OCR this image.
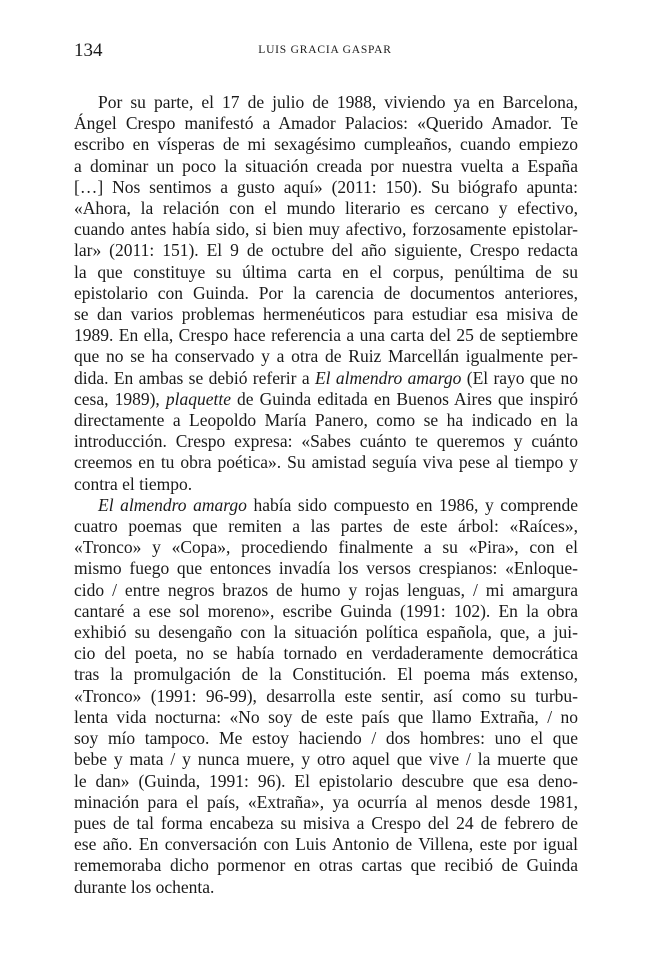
134	LUIS GRACIA GASPAR

Por su parte, el 17 de julio de 1988, viviendo ya en Barcelona,
Ángel Crespo manifestó a Amador Palacios: «Querido Amador. Te
escribo en vísperas de mi sexagésimo cumpleaños, cuando empiezo
a dominar un poco la situación creada por nuestra vuelta a España
[…] Nos sentimos a gusto aquí» (2011: 150). Su biógrafo apunta:
«Ahora, la relación con el mundo literario es cercano y efectivo,
cuando antes había sido, si bien muy afectivo, forzosamente epistolar-
lar» (2011: 151). El 9 de octubre del año siguiente, Crespo redacta
la que constituye su última carta en el corpus, penúltima de su
epistolario con Guinda. Por la carencia de documentos anteriores,
se dan varios problemas hermenéuticos para estudiar esa misiva de
1989. En ella, Crespo hace referencia a una carta del 25 de septiembre
que no se ha conservado y a otra de Ruiz Marcellán igualmente per-
dida. En ambas se debió referir a El almendro amargo (El rayo que no
cesa, 1989), plaquette de Guinda editada en Buenos Aires que inspiró
directamente a Leopoldo María Panero, como se ha indicado en la
introducción. Crespo expresa: «Sabes cuánto te queremos y cuánto
creemos en tu obra poética». Su amistad seguía viva pese al tiempo y
contra el tiempo.

El almendro amargo había sido compuesto en 1986, y comprende
cuatro poemas que remiten a las partes de este árbol: «Raíces»,
«Tronco» y «Copa», procediendo finalmente a su «Pira», con el
mismo fuego que entonces invadía los versos crespianos: «Enloque-
cido / entre negros brazos de humo y rojas lenguas, / mi amargura
cantaré a ese sol moreno», escribe Guinda (1991: 102). En la obra
exhibió su desengaño con la situación política española, que, a jui-
cio del poeta, no se había tornado en verdaderamente democrática
tras la promulgación de la Constitución. El poema más extenso,
«Tronco» (1991: 96-99), desarrolla este sentir, así como su turbu-
lenta vida nocturna: «No soy de este país que llamo Extraña, / no
soy mío tampoco. Me estoy haciendo / dos hombres: uno el que
bebe y mata / y nunca muere, y otro aquel que vive / la muerte que
le dan» (Guinda, 1991: 96). El epistolario descubre que esa deno-
minación para el país, «Extraña», ya ocurría al menos desde 1981,
pues de tal forma encabeza su misiva a Crespo del 24 de febrero de
ese año. En conversación con Luis Antonio de Villena, este por igual
rememoraba dicho pormenor en otras cartas que recibió de Guinda
durante los ochenta.
